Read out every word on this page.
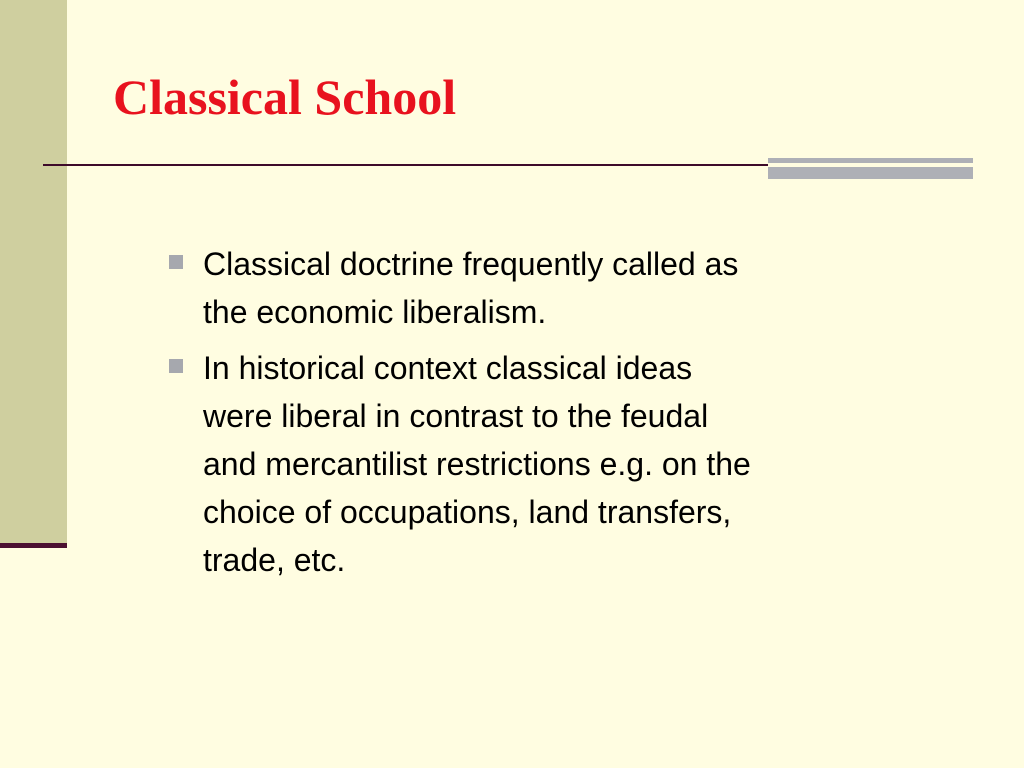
Classical School
Classical doctrine frequently called as
the economic liberalism.
In historical context classical ideas
were liberal in contrast to the feudal
and mercantilist restrictions e.g. on the
choice of occupations, land transfers,
trade, etc.
